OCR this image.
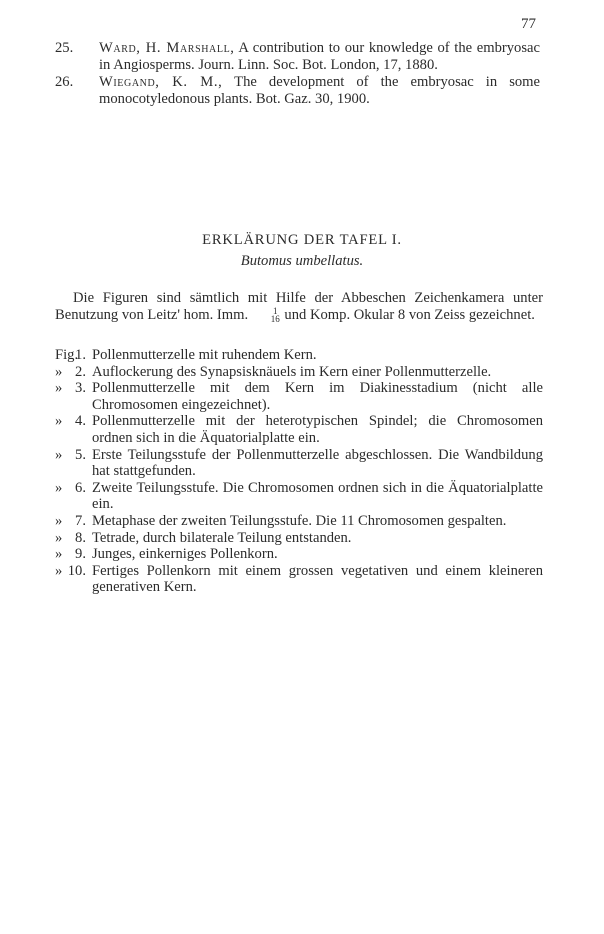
77
25. Ward, H. Marshall, A contribution to our knowledge of the embryosac in Angiosperms. Journ. Linn. Soc. Bot. London, 17, 1880.
26. Wiegand, K. M., The development of the embryosac in some monocotyledonous plants. Bot. Gaz. 30, 1900.
ERKLÄRUNG DER TAFEL I.
Butomus umbellatus.
Die Figuren sind sämtlich mit Hilfe der Abbeschen Zeichenkamera unter Benutzung von Leitz' hom. Imm.	1
16 und Komp. Okular 8 von Zeiss gezeichnet.
Fig.
1. Pollenmutterzelle mit ruhendem Kern.
» 2. Auflockerung des Synapsisknäuels im Kern einer Pollenmutterzelle.
» 3. Pollenmutterzelle mit dem Kern im Diakinesstadium (nicht alle Chromosomen eingezeichnet).
» 4. Pollenmutterzelle mit der heterotypischen Spindel; die Chromosomen ordnen sich in die Äquatorialplatte ein.
» 5. Erste Teilungsstufe der Pollenmutterzelle abgeschlossen. Die Wandbildung hat stattgefunden.
» 6. Zweite Teilungsstufe. Die Chromosomen ordnen sich in die Äquatorialplatte ein.
» 7. Metaphase der zweiten Teilungsstufe. Die 11 Chromosomen gespalten.
» 8. Tetrade, durch bilaterale Teilung entstanden.
» 9. Junges, einkerniges Pollenkorn.
» 10. Fertiges Pollenkorn mit einem grossen vegetativen und einem kleineren generativen Kern.
